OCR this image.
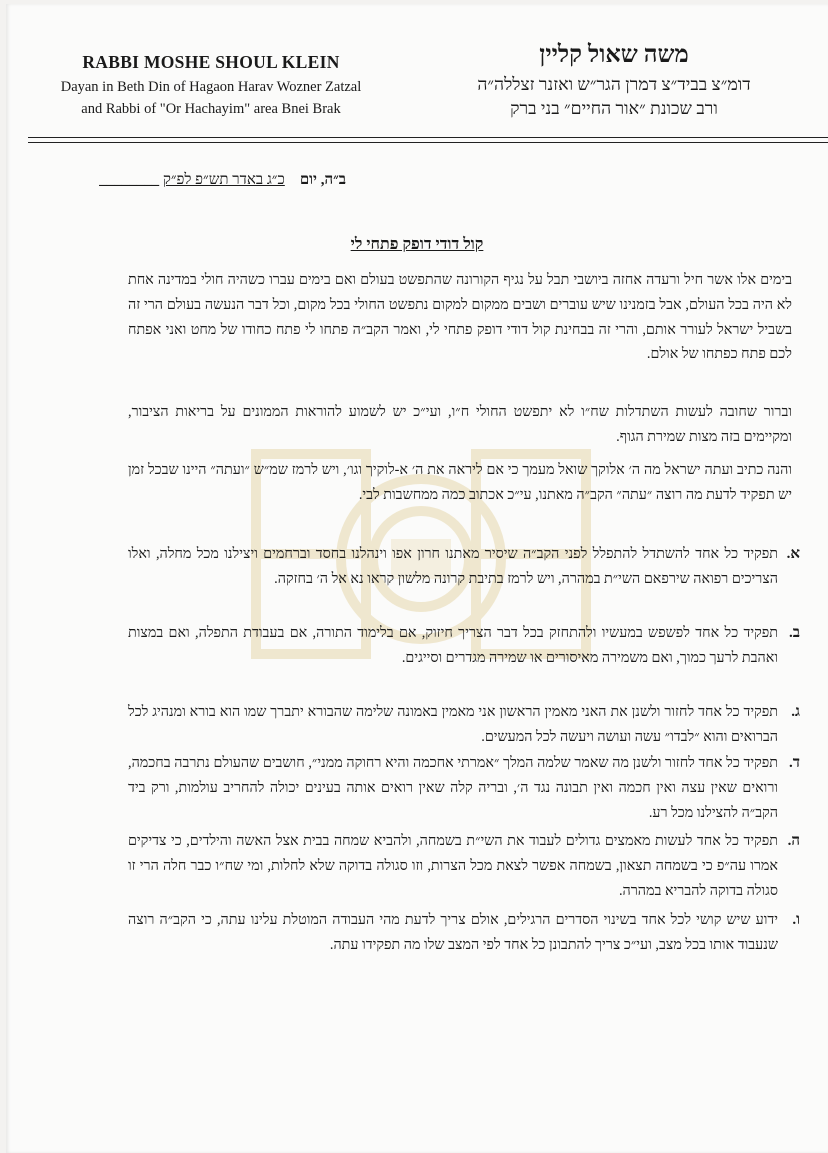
RABBI MOSHE SHOUL KLEIN
Dayan in Beth Din of Hagaon Harav Wozner Zatzal
and Rabbi of "Or Hachayim" area Bnei Brak
משה שאול קליין
דומ״צ בביד״צ דמרן הגר״ש ואזנר זצללה״ה
ורב שכונת ״אור החיים״ בני ברק
ב״ה, יום    כ״ג באדר תש״פ לפ״ק ________
קול דודי דופק פתחי לי
בימים אלו אשר חיל ורעדה אחזה ביושבי תבל על נגיף הקורונה שהתפשט בעולם ואם בימים עברו כשהיה חולי במדינה אחת לא היה בכל העולם, אבל בזמנינו שיש עוברים ושבים ממקום למקום נתפשט החולי בכל מקום, וכל דבר הנעשה בעולם הרי זה בשביל ישראל לעורר אותם, והרי זה בבחינת קול דודי דופק פתחי לי, ואמר הקב״ה פתחו לי פתח כחודו של מחט ואני אפתח לכם פתח כפתחו של אולם.
וברור שחובה לעשות השתדלות שח״ו לא יתפשט החולי ח״ו, ועי״כ יש לשמוע להוראות הממונים על בריאות הציבור, ומקיימים בזה מצות שמירת הגוף.
והנה כתיב ועתה ישראל מה ה׳ אלוקך שואל מעמך כי אם ליראה את ה׳ א-לוקיך וגו׳, ויש לרמז שמ״ש ״ועתה״ היינו שבכל זמן יש תפקיד לדעת מה רוצה ״עתה״ הקב״ה מאתנו, עי״כ אכתוב כמה ממחשבות לבי.
א.
תפקיד כל אחד להשתדל להתפלל לפני הקב״ה שיסיר מאתנו חרון אפו וינהלנו בחסד וברחמים ויצילנו מכל מחלה, ואלו הצריכים רפואה שירפאם השי״ת במהרה, ויש לרמז בתיבת קרונה מלשון קראו נא אל ה׳ בחזקה.
ב.
תפקיד כל אחד לפשפש במעשיו ולהתחזק בכל דבר הצריך חיזוק, אם בלימוד התורה, אם בעבודת התפלה, ואם במצות ואהבת לרעך כמוך, ואם משמירה מאיסורים או שמירה מגדרים וסייגים.
ג.
תפקיד כל אחד לחזור ולשנן את האני מאמין הראשון אני מאמין באמונה שלימה שהבורא יתברך שמו הוא בורא ומנהיג לכל הברואים והוא ״לבדו״ עשה ועושה ויעשה לכל המעשים.
ד.
תפקיד כל אחד לחזור ולשנן מה שאמר שלמה המלך ״אמרתי אחכמה והיא רחוקה ממני״, חושבים שהעולם נתרבה בחכמה, ורואים שאין עצה ואין חכמה ואין תבונה נגד ה׳, ובריה קלה שאין רואים אותה בעינים יכולה להחריב עולמות, ורק ביד הקב״ה להצילנו מכל רע.
ה.
תפקיד כל אחד לעשות מאמצים גדולים לעבוד את השי״ת בשמחה, ולהביא שמחה בבית אצל האשה והילדים, כי צדיקים אמרו עה״פ כי בשמחה תצאון, בשמחה אפשר לצאת מכל הצרות, וזו סגולה בדוקה שלא לחלות, ומי שח״ו כבר חלה הרי זו סגולה בדוקה להבריא במהרה.
ו.
ידוע שיש קושי לכל אחד בשינוי הסדרים הרגילים, אולם צריך לדעת מהי העבודה המוטלת עלינו עתה, כי הקב״ה רוצה שנעבוד אותו בכל מצב, ועי״כ צריך להתבונן כל אחד לפי המצב שלו מה תפקידו עתה.
